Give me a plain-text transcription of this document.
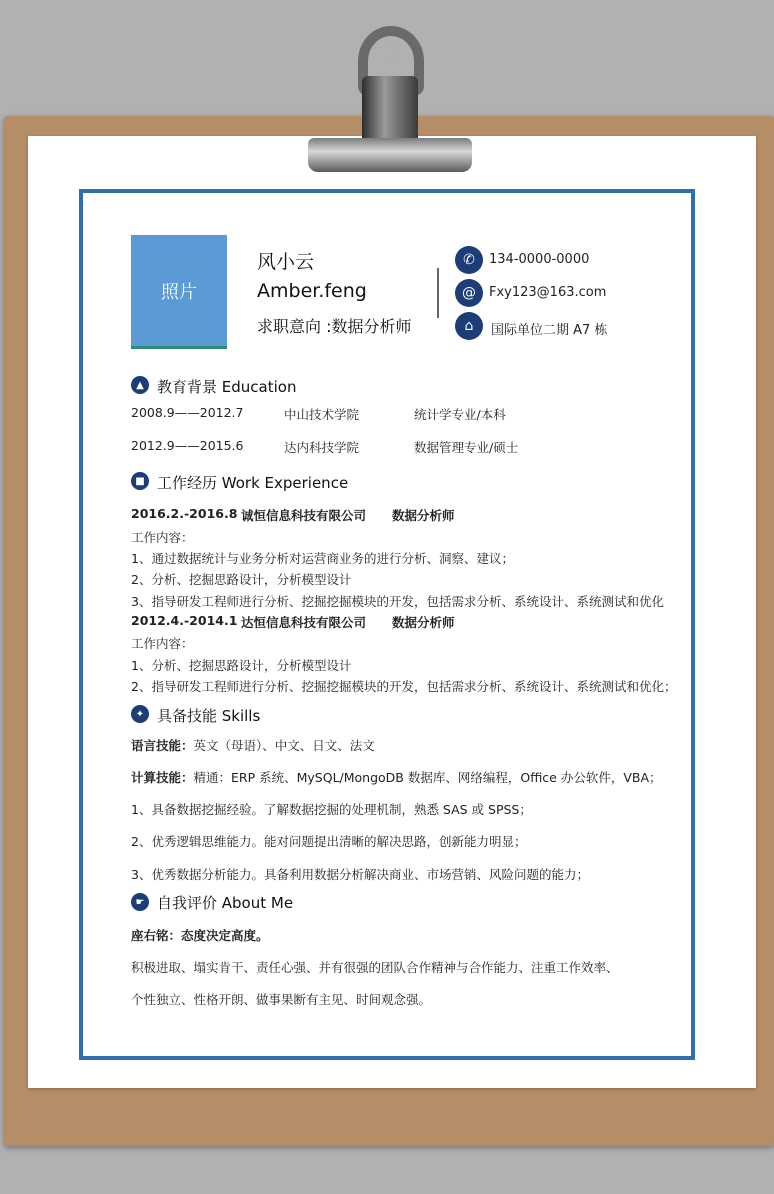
照片
风小云
Amber.feng
求职意向 :数据分析师
✆	134-0000-0000
@	Fxy123@163.com
⌂	国际单位二期 A7 栋
▲ 教育背景 Education
2008.9——2012.7	中山技术学院	统计学专业/本科
2012.9——2015.6	达内科技学院	数据管理专业/硕士
■ 工作经历 Work Experience
2016.2.-2016.8 诚恒信息科技有限公司 数据分析师
工作内容：
1、通过数据统计与业务分析对运营商业务的进行分析、洞察、建议；
2、分析、挖掘思路设计，分析模型设计
3、指导研发工程师进行分析、挖掘挖掘模块的开发，包括需求分析、系统设计、系统测试和优化
2012.4.-2014.1 达恒信息科技有限公司 数据分析师
工作内容：
1、分析、挖掘思路设计，分析模型设计
2、指导研发工程师进行分析、挖掘挖掘模块的开发，包括需求分析、系统设计、系统测试和优化；
✦ 具备技能 Skills
语言技能：英文（母语）、中文、日文、法文
计算技能：精通：ERP 系统、MySQL/MongoDB 数据库、网络编程，Office 办公软件，VBA；
1、具备数据挖掘经验。了解数据挖掘的处理机制，熟悉 SAS 或 SPSS；
2、优秀逻辑思维能力。能对问题提出清晰的解决思路，创新能力明显；
3、优秀数据分析能力。具备利用数据分析解决商业、市场营销、风险问题的能力；
☛ 自我评价 About Me
座右铭：态度决定高度。
积极进取、塌实肯干、责任心强、并有很强的团队合作精神与合作能力、注重工作效率、
个性独立、性格开朗、做事果断有主见、时间观念强。
